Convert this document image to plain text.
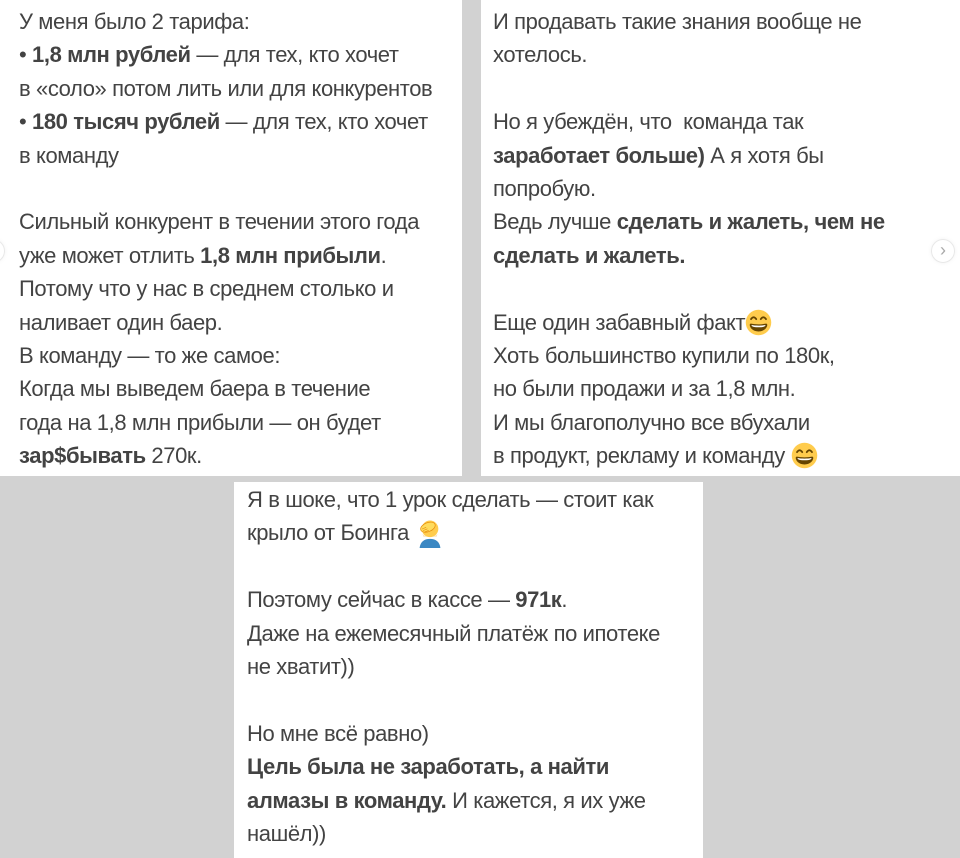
У меня было 2 тарифа:
• 1,8 млн рублей — для тех, кто хочет
в «соло» потом лить или для конкурентов
• 180 тысяч рублей — для тех, кто хочет
в команду
Сильный конкурент в течении этого года
уже может отлить 1,8 млн прибыли.
Потому что у нас в среднем столько и
наливает один баер.
В команду — то же самое:
Когда мы выведем баера в течение
года на 1,8 млн прибыли — он будет
зар$бывать 270к.
И продавать такие знания вообще не
хотелось.
Но я убеждён, что  команда так
заработает больше) А я хотя бы
попробую.
Ведь лучше сделать и жалеть, чем не
сделать и жалеть.
Еще один забавный факт
Хоть большинство купили по 180к,
но были продажи и за 1,8 млн.
И мы благополучно все вбухали
в продукт, рекламу и команду
Я в шоке, что 1 урок сделать — стоит как
крыло от Боинга
Поэтому сейчас в кассе — 971к.
Даже на ежемесячный платёж по ипотеке
не хватит))
Но мне всё равно)
Цель была не заработать, а найти
алмазы в команду. И кажется, я их уже
нашёл))
›
